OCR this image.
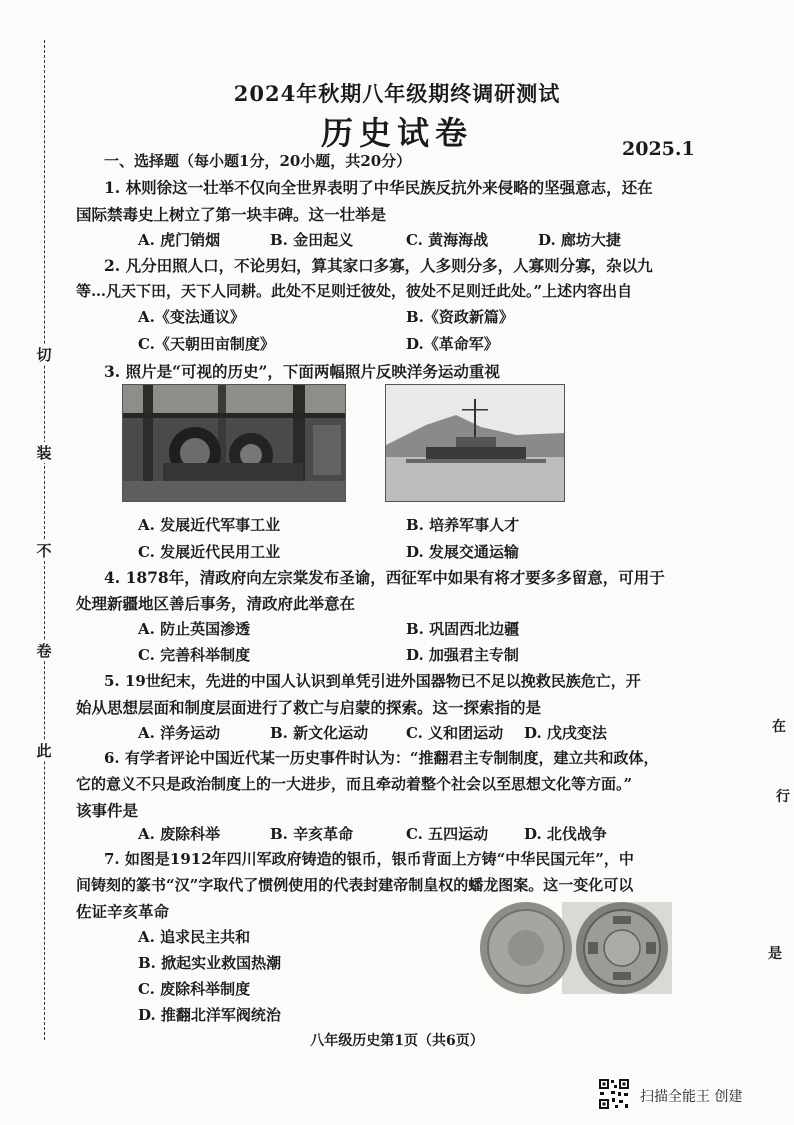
切
装
不
卷
此
2024年秋期八年级期终调研测试
历史试卷	2025.1
一、选择题（每小题1分，20小题，共20分）
1. 林则徐这一壮举不仅向全世界表明了中华民族反抗外来侵略的坚强意志，还在
国际禁毒史上树立了第一块丰碑。这一壮举是
A. 虎门销烟	B. 金田起义	C. 黄海海战	D. 廊坊大捷
2. 凡分田照人口，不论男妇，算其家口多寡，人多则分多，人寡则分寡，杂以九
等…凡天下田，天下人同耕。此处不足则迁彼处，彼处不足则迁此处。”上述内容出自
A.《变法通议》	B.《资政新篇》
C.《天朝田亩制度》	D.《革命军》
3. 照片是“可视的历史”，下面两幅照片反映洋务运动重视
A. 发展近代军事工业	B. 培养军事人才
C. 发展近代民用工业	D. 发展交通运输
4. 1878年，清政府向左宗棠发布圣谕，西征军中如果有将才要多多留意，可用于
处理新疆地区善后事务，清政府此举意在
A. 防止英国渗透	B. 巩固西北边疆
C. 完善科举制度	D. 加强君主专制
5. 19世纪末，先进的中国人认识到单凭引进外国器物已不足以挽救民族危亡，开
始从思想层面和制度层面进行了救亡与启蒙的探索。这一探索指的是
A. 洋务运动	B. 新文化运动	C. 义和团运动 D. 戊戌变法
6. 有学者评论中国近代某一历史事件时认为：“推翻君主专制制度，建立共和政体，
它的意义不只是政治制度上的一大进步，而且牵动着整个社会以至思想文化等方面。”
该事件是
A. 废除科举	B. 辛亥革命	C. 五四运动 D. 北伐战争
7. 如图是1912年四川军政府铸造的银币，银币背面上方铸“中华民国元年”，中
间铸刻的篆书“汉”字取代了惯例使用的代表封建帝制皇权的蟠龙图案。这一变化可以
佐证辛亥革命
A. 追求民主共和
B. 掀起实业救国热潮
C. 废除科举制度
D. 推翻北洋军阀统治
在
行
是
八年级历史第1页（共6页）
扫描全能王 创建
